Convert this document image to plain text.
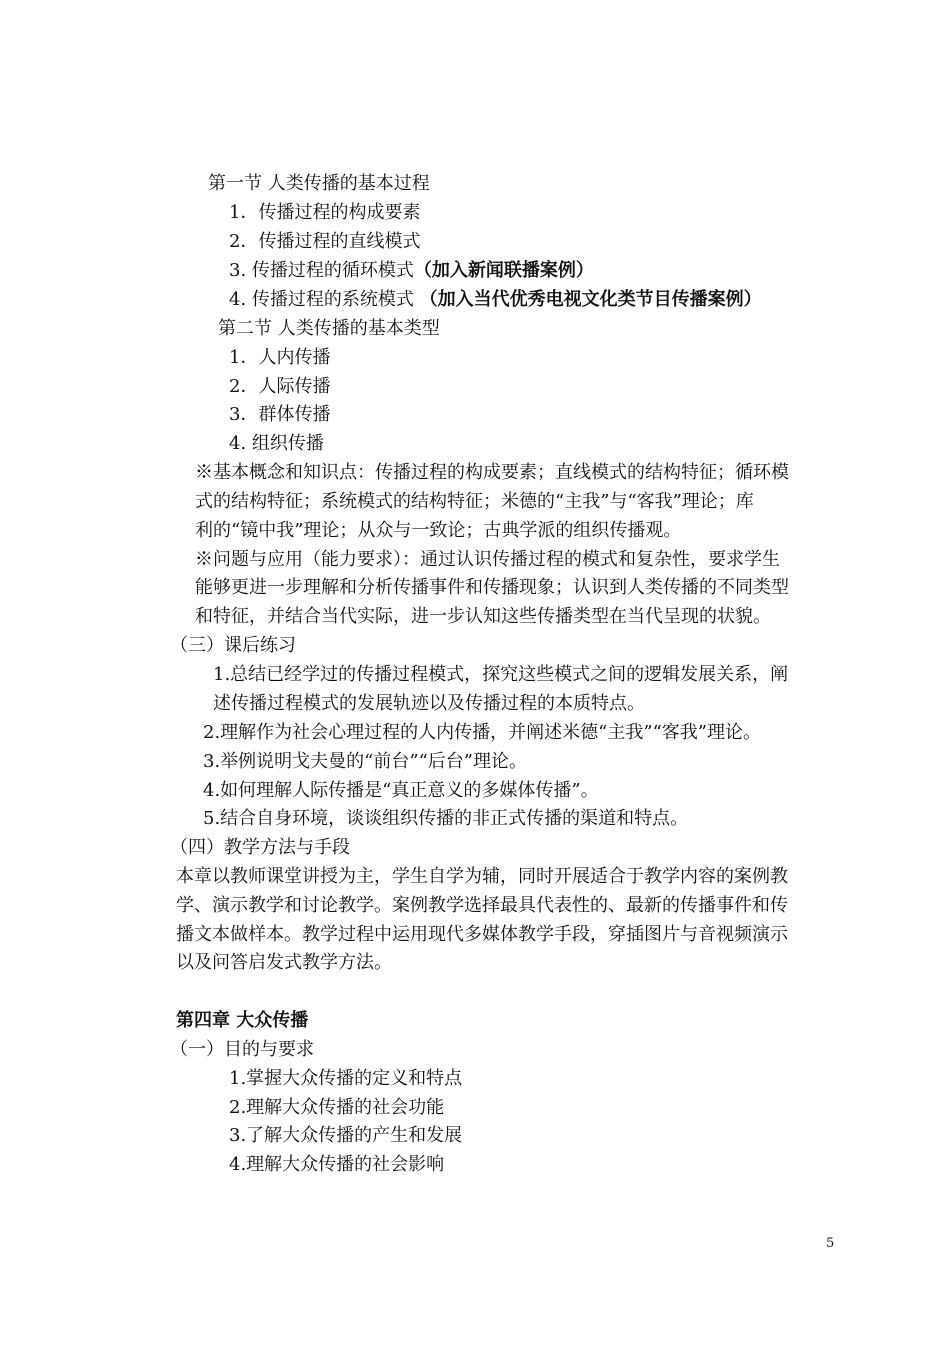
第一节 人类传播的基本过程
1．传播过程的构成要素
2．传播过程的直线模式
3. 传播过程的循环模式（加入新闻联播案例）
4. 传播过程的系统模式 （加入当代优秀电视文化类节目传播案例）
第二节 人类传播的基本类型
1．人内传播
2．人际传播
3．群体传播
4. 组织传播
※基本概念和知识点：传播过程的构成要素；直线模式的结构特征；循环模
式的结构特征；系统模式的结构特征；米德的“主我”与“客我”理论；库
利的“镜中我”理论；从众与一致论；古典学派的组织传播观。
※问题与应用（能力要求）：通过认识传播过程的模式和复杂性，要求学生
能够更进一步理解和分析传播事件和传播现象；认识到人类传播的不同类型
和特征，并结合当代实际，进一步认知这些传播类型在当代呈现的状貌。
（三）课后练习
1.总结已经学过的传播过程模式，探究这些模式之间的逻辑发展关系，阐
述传播过程模式的发展轨迹以及传播过程的本质特点。
2.理解作为社会心理过程的人内传播，并阐述米德“主我”“客我”理论。
3.举例说明戈夫曼的“前台”“后台”理论。
4.如何理解人际传播是“真正意义的多媒体传播”。
5.结合自身环境，谈谈组织传播的非正式传播的渠道和特点。
（四）教学方法与手段
本章以教师课堂讲授为主，学生自学为辅，同时开展适合于教学内容的案例教
学、演示教学和讨论教学。案例教学选择最具代表性的、最新的传播事件和传
播文本做样本。教学过程中运用现代多媒体教学手段，穿插图片与音视频演示
以及问答启发式教学方法。
第四章 大众传播
（一）目的与要求
1.掌握大众传播的定义和特点
2.理解大众传播的社会功能
3.了解大众传播的产生和发展
4.理解大众传播的社会影响
5
